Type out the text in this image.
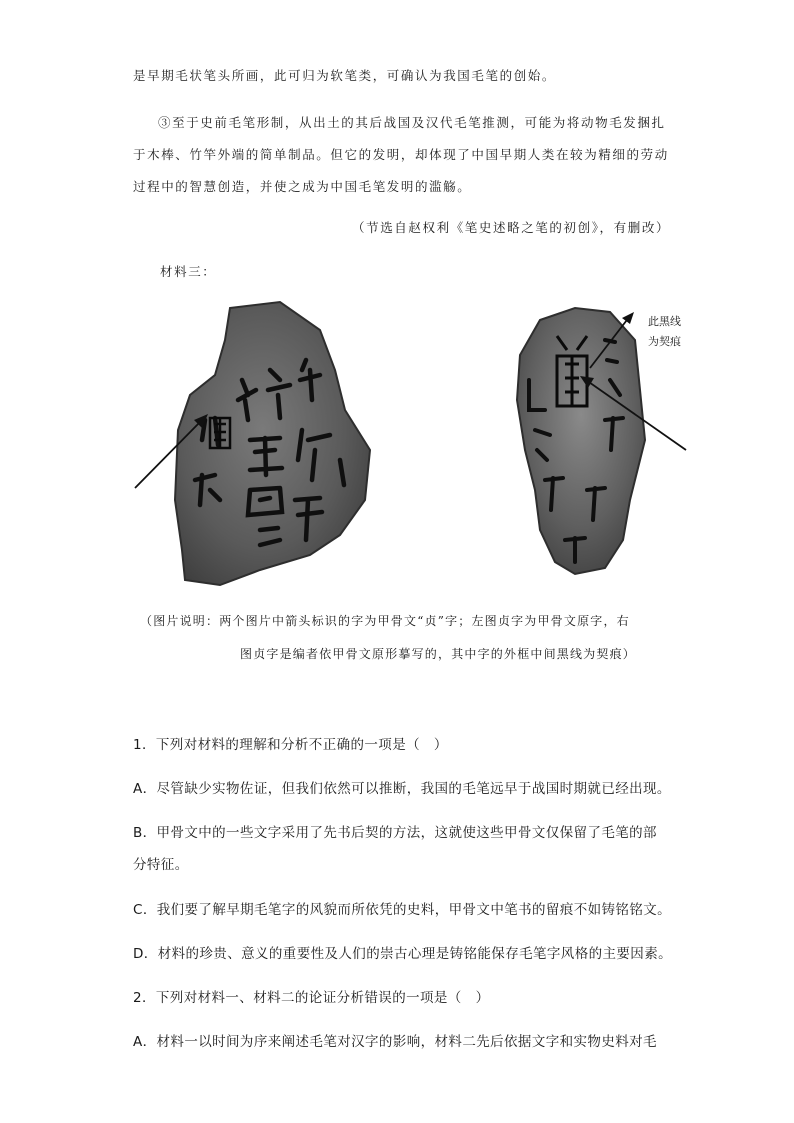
是早期毛状笔头所画，此可归为软笔类，可确认为我国毛笔的创始。
③至于史前毛笔形制，从出土的其后战国及汉代毛笔推测，可能为将动物毛发捆扎
于木棒、竹竿外端的简单制品。但它的发明，却体现了中国早期人类在较为精细的劳动
过程中的智慧创造，并使之成为中国毛笔发明的滥觞。
（节选自赵权利《笔史述略之笔的初创》，有删改）
材料三：
此黑线
为契痕
（图片说明：两个图片中箭头标识的字为甲骨文“贞”字；左图贞字为甲骨文原字，右
图贞字是编者依甲骨文原形摹写的，其中字的外框中间黑线为契痕）
1．下列对材料的理解和分析不正确的一项是（　）
A．尽管缺少实物佐证，但我们依然可以推断，我国的毛笔远早于战国时期就已经出现。
B．甲骨文中的一些文字采用了先书后契的方法，这就使这些甲骨文仅保留了毛笔的部
分特征。
C．我们要了解早期毛笔字的风貌而所依凭的史料，甲骨文中笔书的留痕不如铸铭铭文。
D．材料的珍贵、意义的重要性及人们的崇古心理是铸铭能保存毛笔字风格的主要因素。
2．下列对材料一、材料二的论证分析错误的一项是（　）
A．材料一以时间为序来阐述毛笔对汉字的影响，材料二先后依据文字和实物史料对毛
